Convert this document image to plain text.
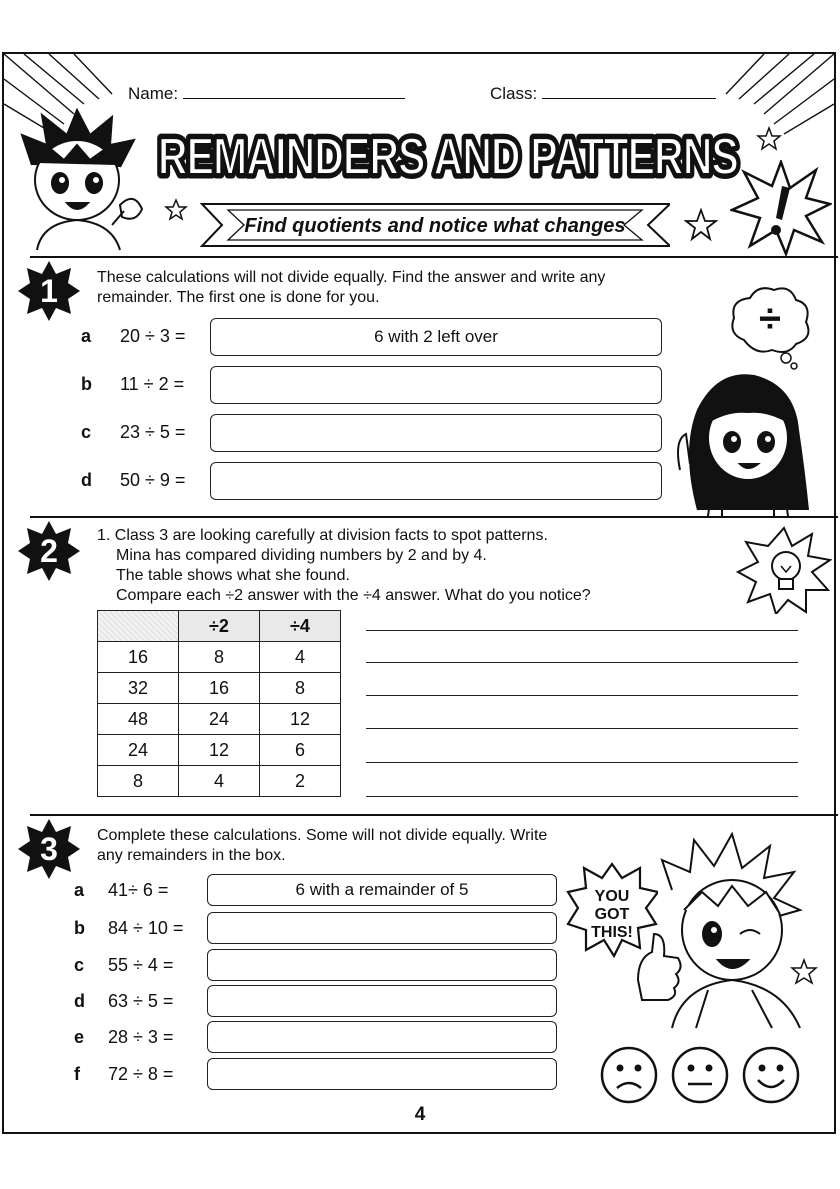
Name:	Class:
REMAINDERS AND PATTERNS
REMAINDERS AND PATTERNS
Find quotients and notice what changes
1 These calculations will not divide equally. Find the answer and write any remainder. The first one is done for you.
a 20 ÷ 3 =	6 with 2 left over
b 11 ÷ 2 =
c 23 ÷ 5 =
d 50 ÷ 9 =
÷
2 1. Class 3 are looking carefully at division facts to spot patterns.
Mina has compared dividing numbers by 2 and by 4.
The table shows what she found.
Compare each ÷2 answer with the ÷4 answer. What do you notice?
	÷2	÷4
16	8	4
32	16	8
48	24	12
24	12	6
8	4	2
3 Complete these calculations. Some will not divide equally. Write any remainders in the box.
a 41÷ 6 =	6 with a remainder of 5
b 84 ÷ 10 =
c 55 ÷ 4 =
d 63 ÷ 5 =
e 28 ÷ 3 =
f 72 ÷ 8 =
YOU GOT THIS!
4
